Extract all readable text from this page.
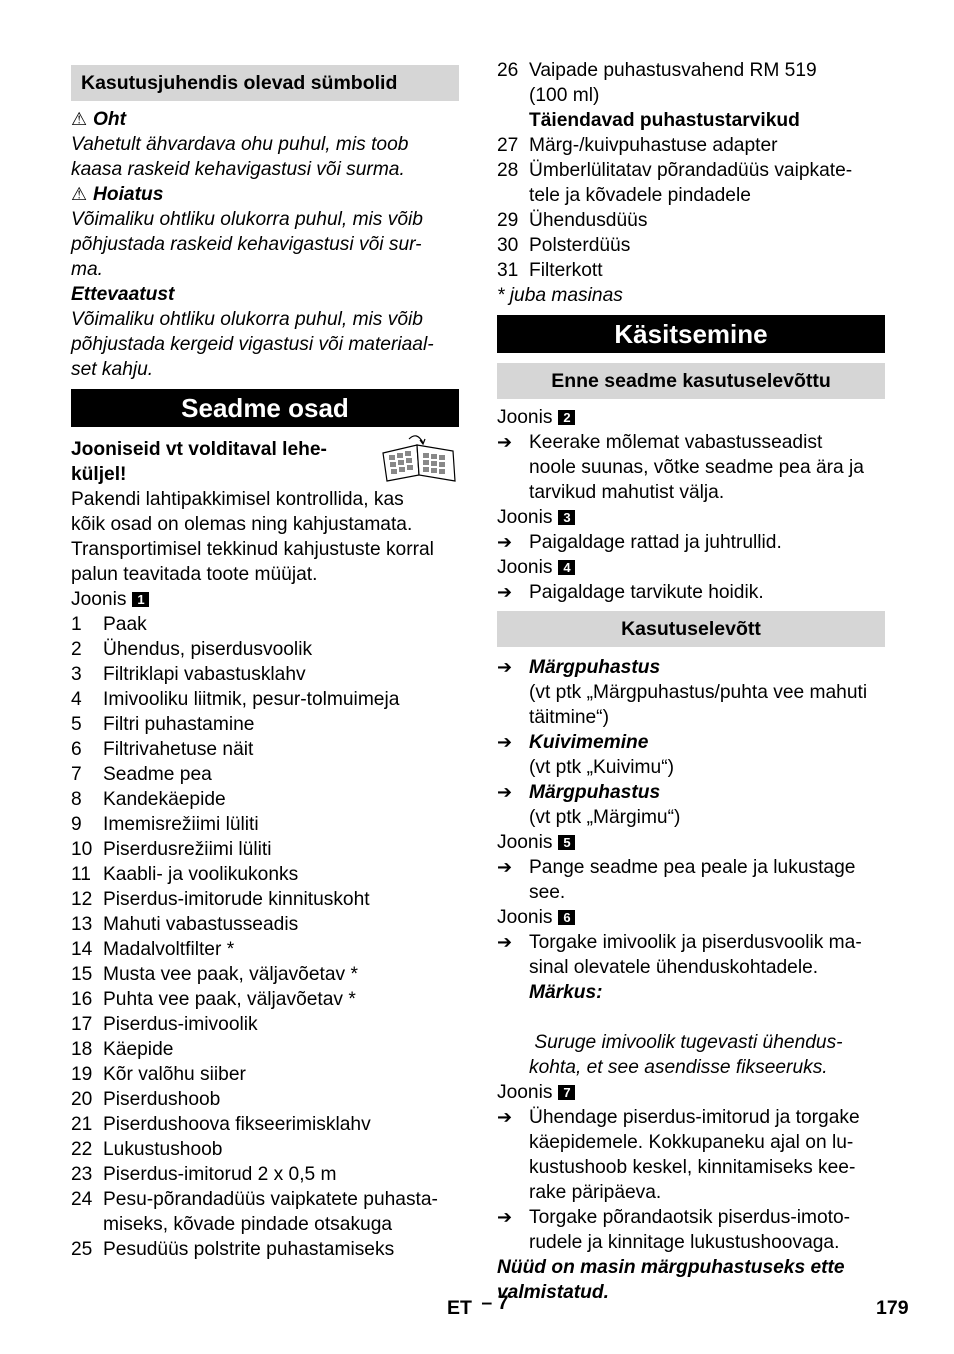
Kasutusjuhendis olevad sümbolid

⚠ Oht

Vahetult ähvardava ohu puhul, mis toob
kaasa raskeid kehavigastusi või surma.

⚠ Hoiatus

Võimaliku ohtliku olukorra puhul, mis võib
põhjustada raskeid kehavigastusi või sur-
ma.

Ettevaatust

Võimaliku ohtliku olukorra puhul, mis võib
põhjustada kergeid vigastusi või materiaal-
set kahju.

Seadme osad

Jooniseid vt volditaval lehe-
küljel!

Pakendi lahtipakkimisel kontrollida, kas
kõik osad on olemas ning kahjustamata.
Transportimisel tekkinud kahjustuste korral
palun teavitada toote müüjat.

Joonis 1

1	Paak
2	Ühendus, piserdusvoolik
3	Filtriklapi vabastusklahv
4	Imivooliku liitmik, pesur-tolmuimeja
5	Filtri puhastamine
6	Filtrivahetuse näit
7	Seadme pea
8	Kandekäepide
9	Imemisrežiimi lüliti
10 Piserdusrežiimi lüliti
11 Kaabli- ja voolikukonks
12 Piserdus-imitorude kinnituskoht
13 Mahuti vabastusseadis
14 Madalvoltfilter *
15 Musta vee paak, väljavõetav *
16 Puhta vee paak, väljavõetav *
17 Piserdus-imivoolik
18 Käepide
19 Kõr valõhu siiber
20 Piserdushoob
21 Piserdushoova fikseerimisklahv
22 Lukustushoob
23 Piserdus-imitorud 2 x 0,5 m
24 Pesu-põrandadüüs vaipkatete puhasta-
miseks, kõvade pindade otsakuga
25 Pesudüüs polstrite puhastamiseks
26 Vaipade puhastusvahend RM 519
(100 ml)

Täiendavad puhastustarvikud

27 Märg-/kuivpuhastuse adapter
28 Ümberlülitatav põrandadüüs vaipkate-
tele ja kõvadele pindadele
29 Ühendusdüüs
30 Polsterdüüs
31 Filterkott

* juba masinas

Käsitsemine
Enne seadme kasutuselevõttu

Joonis 2

➔ Keerake mõlemat vabastusseadist
noole suunas, võtke seadme pea ära ja
tarvikud mahutist välja.

Joonis 3

➔ Paigaldage rattad ja juhtrullid.

Joonis 4

➔ Paigaldage tarvikute hoidik.
Kasutuselevõtt
➔ Märgpuhastus
(vt ptk „Märgpuhastus/puhta vee mahuti
täitmine“)
➔ Kuivimemine
(vt ptk „Kuivimu“)
➔ Märgpuhastus
(vt ptk „Märgimu“)

Joonis 5

➔ Pange seadme pea peale ja lukustage
see.

Joonis 6

➔ Torgake imivoolik ja piserdusvoolik ma-
sinal olevatele ühenduskohtadele.

Märkus:

Suruge imivoolik tugevasti ühendus-
kohta, et see asendisse fikseeruks.

Joonis 7

➔ Ühendage piserdus-imitorud ja torgake
käepidemele. Kokkupaneku ajal on lu-
kustushoob keskel, kinnitamiseks kee-
rake päripäeva.
➔ Torgake põrandaotsik piserdus-imoto-
rudele ja kinnitage lukustushoovaga.

Nüüd on masin märgpuhastuseks ette
valmistatud.

ET – 7	179
